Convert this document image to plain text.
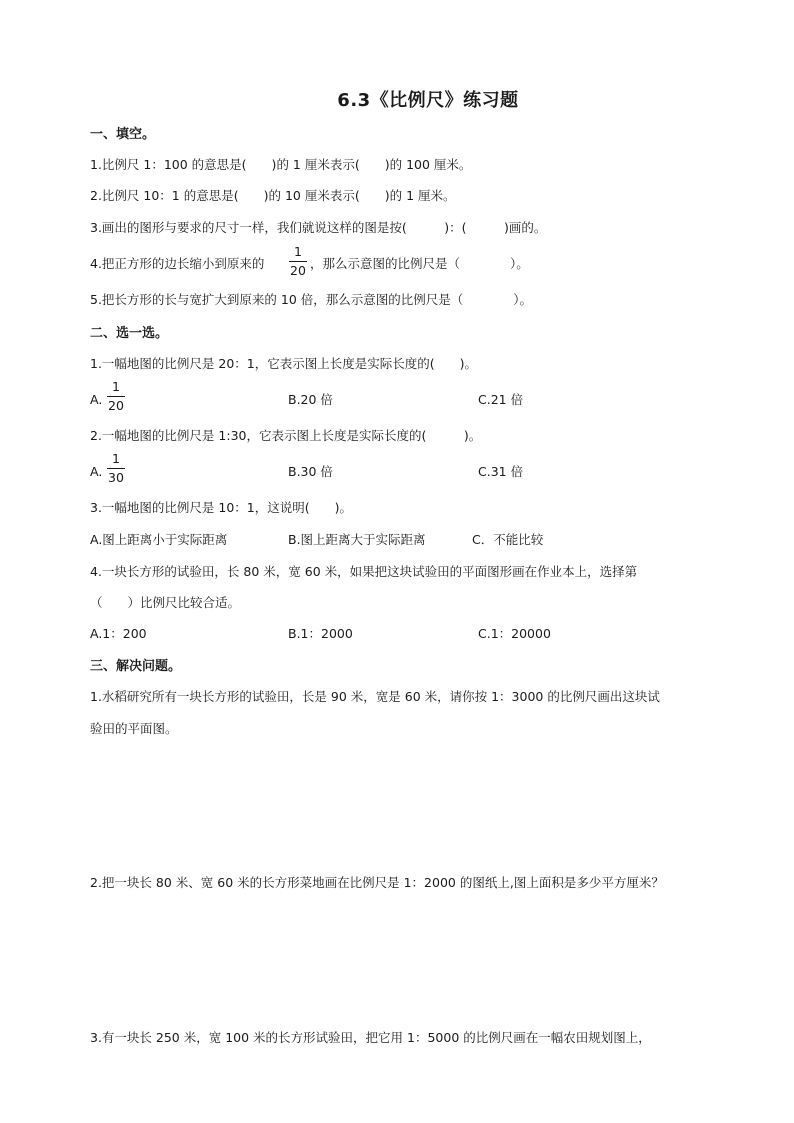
6.3《比例尺》练习题
一、填空。
1.比例尺 1：100 的意思是(　　)的 1 厘米表示(　　)的 100 厘米。
2.比例尺 10：1 的意思是(　　)的 10 厘米表示(　　)的 1 厘米。
3.画出的图形与要求的尺寸一样，我们就说这样的图是按(　　　)：(　　　)画的。
4.把正方形的边长缩小到原来的
1
20 ，那么示意图的比例尺是（　　　　）。
5.把长方形的长与宽扩大到原来的 10 倍，那么示意图的比例尺是（　　　　）。
二、选一选。
1.一幅地图的比例尺是 20：1，它表示图上长度是实际长度的(　　)。
A.
1
20	B.20 倍	C.21 倍
2.一幅地图的比例尺是 1:30，它表示图上长度是实际长度的(　　　)。
A.
1
30	B.30 倍	C.31 倍
3.一幅地图的比例尺是 10：1，这说明(　　)。
A.图上距离小于实际距离	B.图上距离大于实际距离	C．不能比较
4.一块长方形的试验田，长 80 米，宽 60 米，如果把这块试验田的平面图形画在作业本上，选择第
（　　）比例尺比较合适。
A.1：200	B.1：2000	C.1：20000
三、解决问题。
1.水稻研究所有一块长方形的试验田，长是 90 米，宽是 60 米，请你按 1：3000 的比例尺画出这块试
验田的平面图。
2.把一块长 80 米、宽 60 米的长方形菜地画在比例尺是 1：2000 的图纸上,图上面积是多少平方厘米？
3.有一块长 250 米，宽 100 米的长方形试验田，把它用 1：5000 的比例尺画在一幅农田规划图上，
